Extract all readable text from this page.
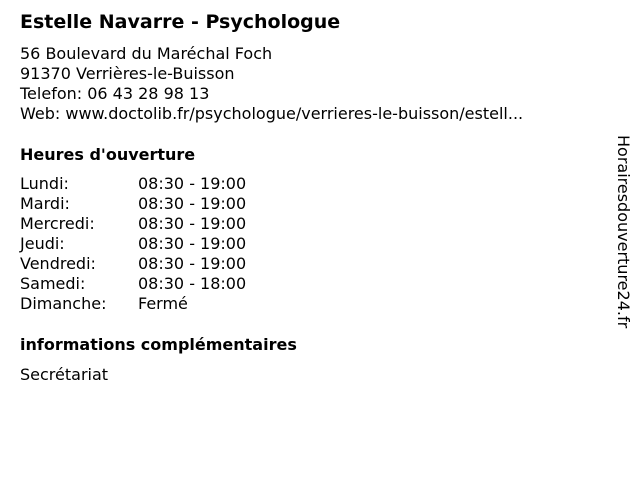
Estelle Navarre - Psychologue
56 Boulevard du Maréchal Foch
91370 Verrières-le-Buisson
Telefon: 06 43 28 98 13
Web: www.doctolib.fr/psychologue/verrieres-le-buisson/estell...
Heures d'ouverture
Lundi:	08:30 - 19:00
Mardi:	08:30 - 19:00
Mercredi:	08:30 - 19:00
Jeudi:	08:30 - 19:00
Vendredi:	08:30 - 19:00
Samedi:	08:30 - 18:00
Dimanche:	Fermé
informations complémentaires
Secrétariat
Horairesdouverture24.fr
